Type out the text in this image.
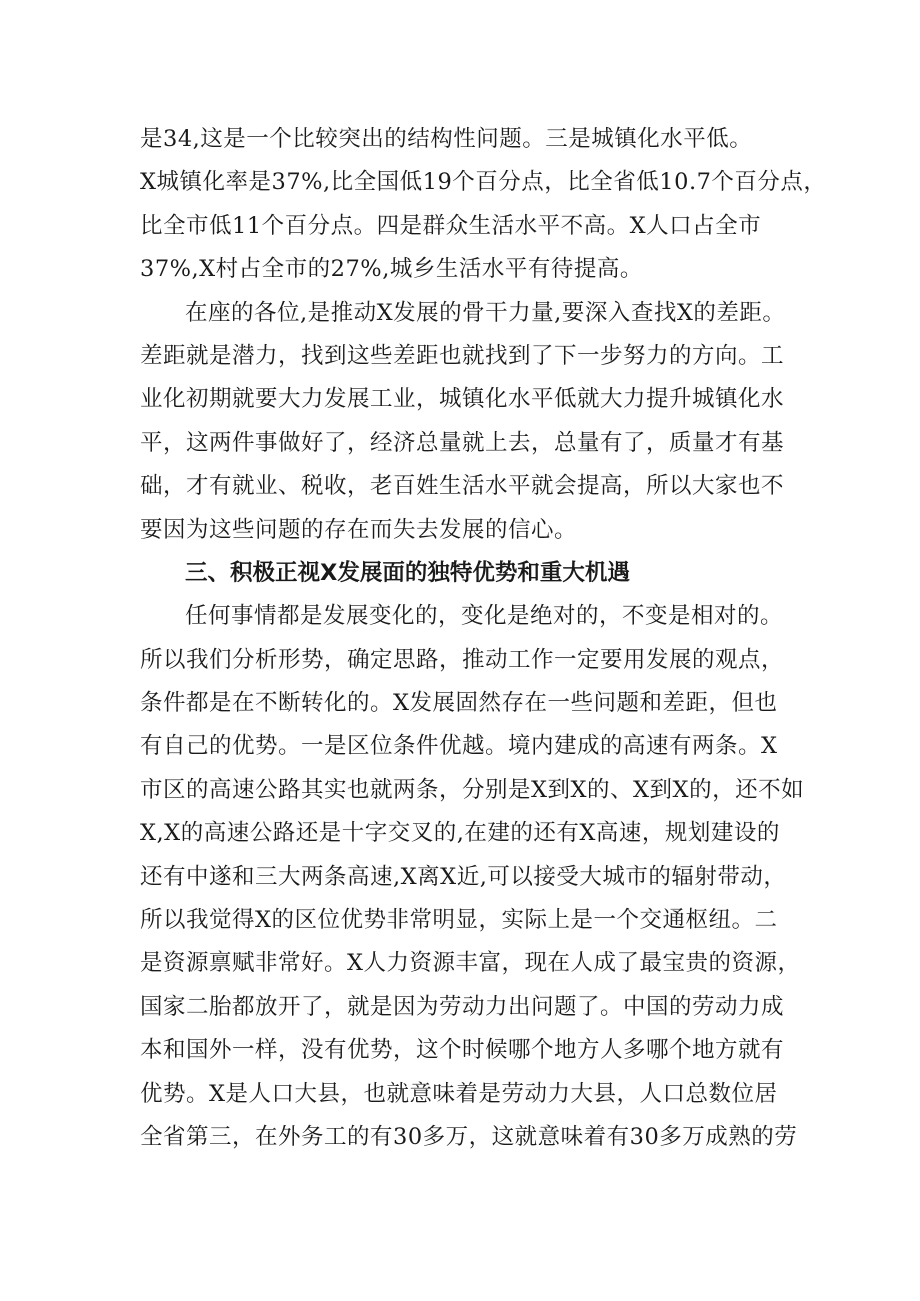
是34,这是一个比较突出的结构性问题。三是城镇化水平低。
X城镇化率是37%,比全国低19个百分点，比全省低10.7个百分点，
比全市低11个百分点。四是群众生活水平不高。X人口占全市
37%,X村占全市的27%,城乡生活水平有待提高。
在座的各位,是推动X发展的骨干力量,要深入查找X的差距。
差距就是潜力，找到这些差距也就找到了下一步努力的方向。工
业化初期就要大力发展工业，城镇化水平低就大力提升城镇化水
平，这两件事做好了，经济总量就上去，总量有了，质量才有基
础，才有就业、税收，老百姓生活水平就会提高，所以大家也不
要因为这些问题的存在而失去发展的信心。
三、积极正视X发展面的独特优势和重大机遇
任何事情都是发展变化的，变化是绝对的，不变是相对的。
所以我们分析形势，确定思路，推动工作一定要用发展的观点，
条件都是在不断转化的。X发展固然存在一些问题和差距，但也
有自己的优势。一是区位条件优越。境内建成的高速有两条。X
市区的高速公路其实也就两条，分别是X到X的、X到X的，还不如
X,X的高速公路还是十字交叉的,在建的还有X高速，规划建设的
还有中遂和三大两条高速,X离X近,可以接受大城市的辐射带动，
所以我觉得X的区位优势非常明显，实际上是一个交通枢纽。二
是资源禀赋非常好。X人力资源丰富，现在人成了最宝贵的资源，
国家二胎都放开了，就是因为劳动力出问题了。中国的劳动力成
本和国外一样，没有优势，这个时候哪个地方人多哪个地方就有
优势。X是人口大县，也就意味着是劳动力大县，人口总数位居
全省第三，在外务工的有30多万，这就意味着有30多万成熟的劳
